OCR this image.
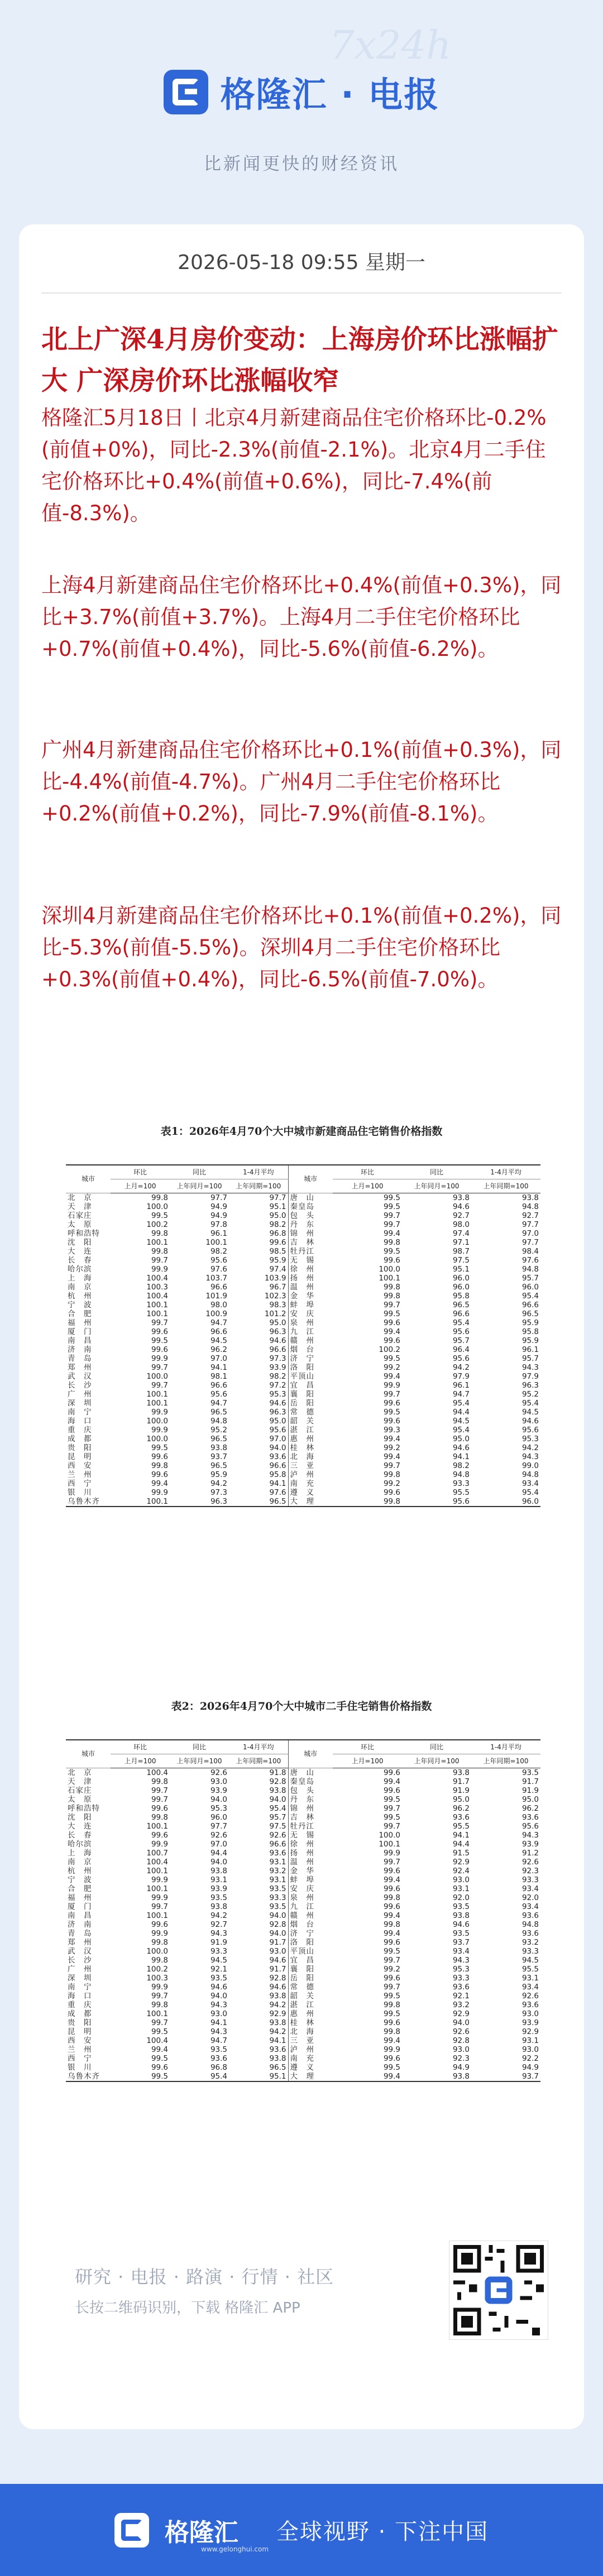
7x24h
格隆汇 · 电报
比新闻更快的财经资讯
2026-05-18 09:55 星期一
北上广深4月房价变动：上海房价环比涨幅扩大 广深房价环比涨幅收窄

格隆汇5月18日丨北京4月新建商品住宅价格环比-0.2%(前值+0%)，同比-2.3%(前值-2.1%)。北京4月二手住宅价格环比+0.4%(前值+0.6%)，同比-7.4%(前值-8.3%)。

上海4月新建商品住宅价格环比+0.4%(前值+0.3%)，同比+3.7%(前值+3.7%)。上海4月二手住宅价格环比+0.7%(前值+0.4%)，同比-5.6%(前值-6.2%)。

广州4月新建商品住宅价格环比+0.1%(前值+0.3%)，同比-4.4%(前值-4.7%)。广州4月二手住宅价格环比+0.2%(前值+0.2%)，同比-7.9%(前值-8.1%)。

深圳4月新建商品住宅价格环比+0.1%(前值+0.2%)，同比-5.3%(前值-5.5%)。深圳4月二手住宅价格环比+0.3%(前值+0.4%)，同比-6.5%(前值-7.0%)。

表1：2026年4月70个大中城市新建商品住宅销售价格指数
城市	环比	同比	1-4月平均	城市	环比	同比	1-4月平均
	上月=100	上年同月=100	上年同期=100		上月=100	上年同月=100	上年同期=100
北　京	99.8	97.7	97.7	唐　山	99.5	93.8	93.8
天　津	100.0	94.9	95.1	秦皇岛	99.5	94.6	94.8
石家庄	99.5	94.9	95.0	包　头	99.7	92.7	92.7
太　原	100.2	97.8	98.2	丹　东	99.7	98.0	97.7
呼和浩特	99.8	96.1	96.8	锦　州	99.4	97.4	97.0
沈　阳	100.1	100.1	99.6	吉　林	99.8	97.1	97.7
大　连	99.8	98.2	98.5	牡丹江	99.5	98.7	98.4
长　春	99.7	95.6	95.9	无　锡	99.6	97.5	97.6
哈尔滨	99.9	97.6	97.4	徐　州	100.0	95.1	94.8
上　海	100.4	103.7	103.9	扬　州	100.1	96.0	95.7
南　京	100.3	96.6	96.7	温　州	99.8	96.0	96.0
杭　州	100.4	101.9	102.3	金　华	99.8	95.8	95.4
宁　波	100.1	98.0	98.3	蚌　埠	99.7	96.5	96.6
合　肥	100.1	100.9	101.2	安　庆	99.5	96.6	96.5
福　州	99.7	94.7	95.0	泉　州	99.6	95.4	95.9
厦　门	99.6	96.6	96.3	九　江	99.4	95.6	95.8
南　昌	99.5	94.5	94.6	赣　州	99.6	95.7	95.9
济　南	99.6	96.2	96.6	烟　台	100.2	96.4	96.1
青　岛	99.9	97.0	97.3	济　宁	99.5	95.6	95.7
郑　州	99.7	94.1	93.9	洛　阳	99.2	94.2	94.3
武　汉	100.0	98.1	98.2	平顶山	99.4	97.9	97.9
长　沙	99.7	96.6	97.2	宜　昌	99.9	96.1	96.3
广　州	100.1	95.6	95.3	襄　阳	99.7	94.7	95.2
深　圳	100.1	94.7	94.6	岳　阳	99.6	95.4	95.4
南　宁	99.9	96.5	96.3	常　德	99.5	94.4	94.5
海　口	100.0	94.8	95.0	韶　关	99.6	94.5	94.6
重　庆	99.9	95.2	95.6	湛　江	99.3	95.4	95.6
成　都	100.0	96.5	97.0	惠　州	99.4	95.0	95.3
贵　阳	99.5	93.8	94.0	桂　林	99.2	94.6	94.2
昆　明	99.6	93.7	93.6	北　海	99.4	94.1	94.3
西　安	99.8	96.5	96.6	三　亚	99.7	98.2	99.0
兰　州	99.6	95.9	95.8	泸　州	99.8	94.8	94.8
西　宁	99.4	94.2	94.1	南　充	99.2	93.3	93.4
银　川	99.9	97.3	97.6	遵　义	99.6	95.5	95.4
乌鲁木齐	100.1	96.3	96.5	大　理	99.8	95.6	96.0
表2：2026年4月70个大中城市二手住宅销售价格指数
城市	环比	同比	1-4月平均	城市	环比	同比	1-4月平均
	上月=100	上年同月=100	上年同期=100		上月=100	上年同月=100	上年同期=100
北　京	100.4	92.6	91.8	唐　山	99.6	93.8	93.5
天　津	99.8	93.0	92.8	秦皇岛	99.4	91.7	91.7
石家庄	99.7	93.9	93.8	包　头	99.6	91.9	91.9
太　原	99.7	94.0	94.0	丹　东	99.5	95.0	95.0
呼和浩特	99.6	95.3	95.4	锦　州	99.7	96.2	96.2
沈　阳	99.8	96.0	95.7	吉　林	99.5	93.6	93.6
大　连	100.1	97.7	97.5	牡丹江	99.7	95.5	95.6
长　春	99.6	92.6	92.6	无　锡	100.0	94.1	94.3
哈尔滨	99.9	97.0	96.6	徐　州	100.1	94.4	93.9
上　海	100.7	94.4	93.6	扬　州	99.9	91.5	91.2
南　京	100.4	94.0	93.1	温　州	99.7	92.9	92.6
杭　州	100.1	93.8	93.2	金　华	99.6	92.4	92.3
宁　波	99.9	93.1	93.1	蚌　埠	99.4	93.0	93.3
合　肥	100.1	93.9	93.5	安　庆	99.6	93.1	93.4
福　州	99.9	93.5	93.3	泉　州	99.8	92.0	92.0
厦　门	99.7	93.8	93.5	九　江	99.6	93.5	93.4
南　昌	100.1	94.2	94.0	赣　州	99.4	93.8	93.6
济　南	99.6	92.7	92.8	烟　台	99.8	94.6	94.8
青　岛	99.9	94.3	94.0	济　宁	99.4	93.5	93.6
郑　州	99.8	91.9	91.7	洛　阳	99.6	93.7	93.2
武　汉	100.0	93.3	93.0	平顶山	99.5	93.4	93.3
长　沙	99.8	94.5	94.6	宜　昌	99.7	94.3	94.5
广　州	100.2	92.1	91.7	襄　阳	99.2	95.3	95.5
深　圳	100.3	93.5	92.8	岳　阳	99.6	93.3	93.1
南　宁	99.9	94.6	94.6	常　德	99.7	93.6	93.4
海　口	99.7	94.0	93.8	韶　关	99.5	92.1	92.6
重　庆	99.8	94.3	94.2	湛　江	99.8	93.2	93.6
成　都	100.1	93.0	92.9	惠　州	99.5	92.9	93.0
贵　阳	99.7	94.1	93.8	桂　林	99.6	94.0	93.9
昆　明	99.5	94.3	94.2	北　海	99.8	92.6	92.9
西　安	100.4	94.7	94.1	三　亚	99.4	92.8	93.1
兰　州	99.4	93.5	93.6	泸　州	99.9	93.0	93.0
西　宁	99.5	93.6	93.8	南　充	99.6	92.3	92.2
银　川	99.6	96.8	96.5	遵　义	99.5	94.9	94.9
乌鲁木齐	99.5	95.4	95.1	大　理	99.4	93.8	93.7
研究 · 电报 · 路演 · 行情 · 社区
长按二维码识别，下载 格隆汇 APP
格隆汇 全球视野 · 下注中国
www.gelonghui.com
